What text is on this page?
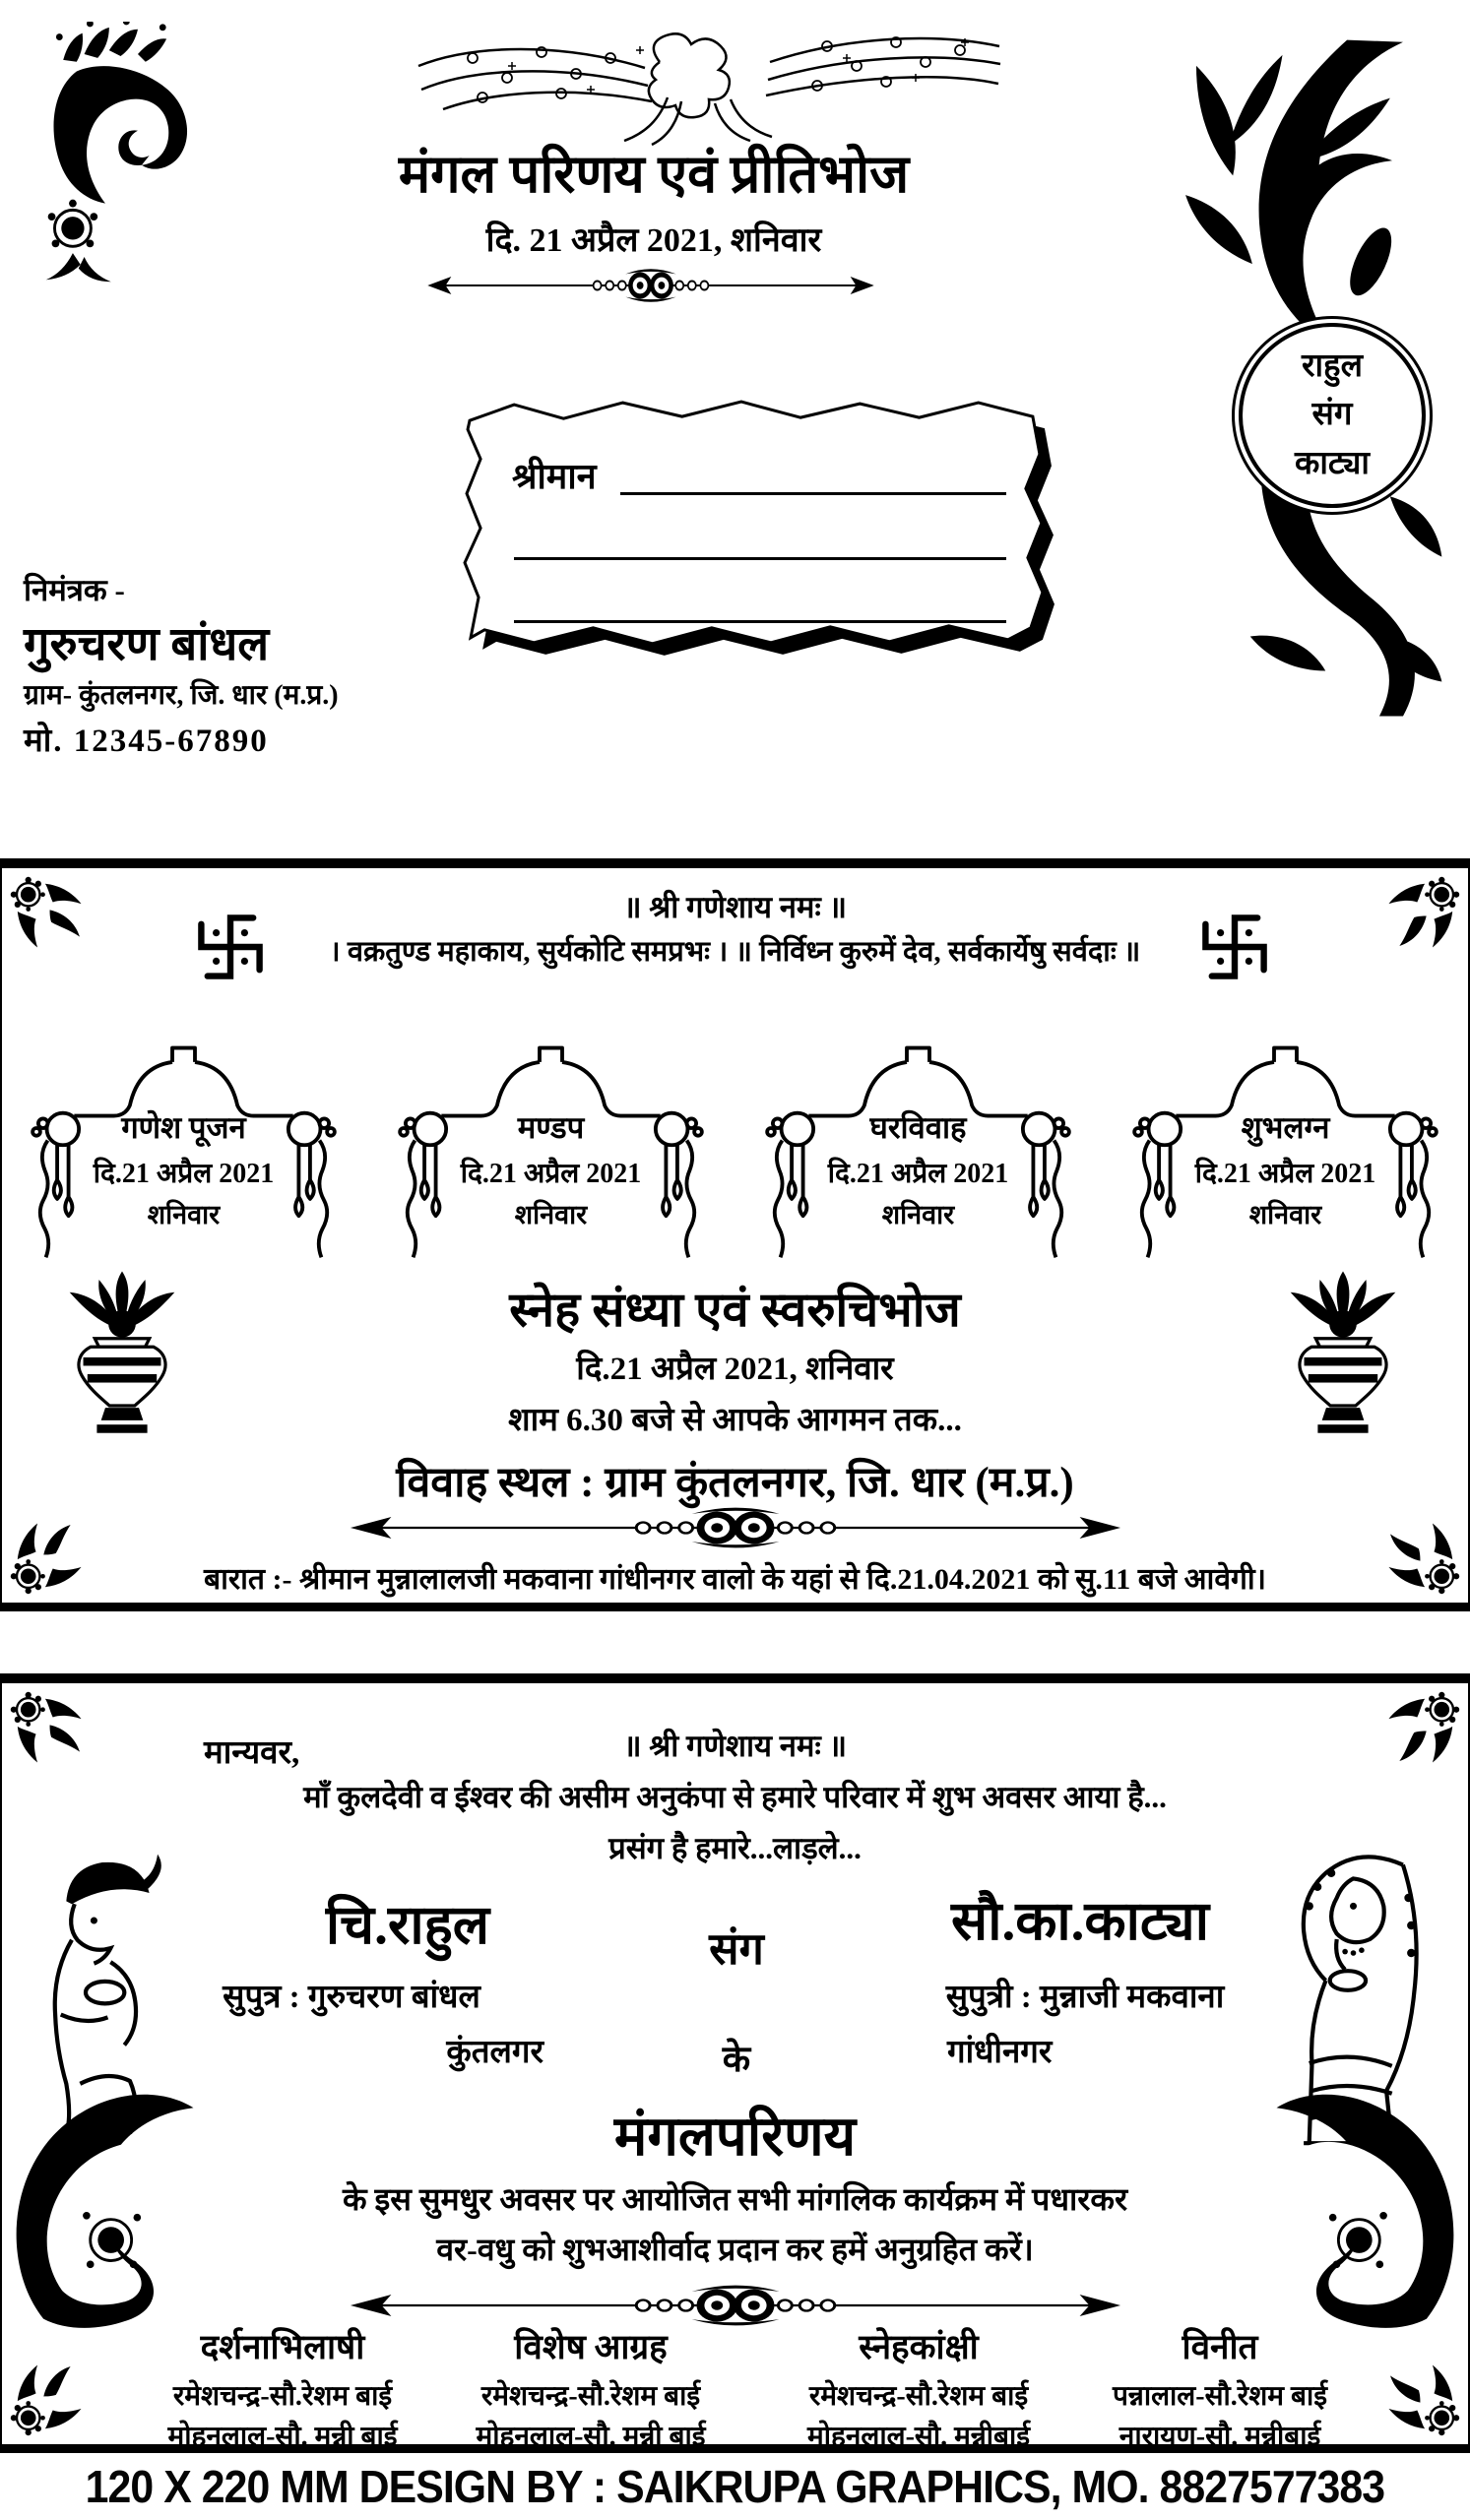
मंगल परिणय एवं प्रीतिभोज
दि. 21 अप्रैल 2021, शनिवार
राहुल
संग
काट्या
श्रीमान
निमंत्रक -
गुरुचरण बांधल
ग्राम- कुंतलनगर, जि. धार (म.प्र.)
मो. 12345-67890
॥ श्री गणेशाय नमः ॥
। वक्रतुण्ड महाकाय, सुर्यकोटि समप्रभः । ॥ निर्विध्न कुरुमें देव, सर्वकार्येषु सर्वदाः ॥
गणेश पूजन
दि.21 अप्रैल 2021
शनिवार
मण्डप
दि.21 अप्रैल 2021
शनिवार
घरविवाह
दि.21 अप्रैल 2021
शनिवार
शुभलग्न
दि.21 अप्रैल 2021
शनिवार
स्नेह संध्या एवं स्वरुचिभोज
दि.21 अप्रैल 2021, शनिवार
शाम 6.30 बजे से आपके आगमन तक...
विवाह स्थल : ग्राम कुंतलनगर, जि. धार (म.प्र.)
बारात :- श्रीमान मुन्नालालजी मकवाना गांधीनगर वालो के यहां से दि.21.04.2021 को सु.11 बजे आवेगी।
मान्यवर,	॥ श्री गणेशाय नमः ॥
माँ कुलदेवी व ईश्वर की असीम अनुकंपा से हमारे परिवार में शुभ अवसर आया है...
प्रसंग है हमारे...लाड़ले...
चि.राहुल
सुपुत्र : गुरुचरण बांधल
कुंतलगर
संग
के
सौ.का.काट्या
सुपुत्री : मुन्नाजी मकवाना
गांधीनगर
मंगलपरिणय
के इस सुमधुर अवसर पर आयोजित सभी मांगलिक कार्यक्रम में पधारकर
वर-वधु को शुभआशीर्वाद प्रदान कर हमें अनुग्रहित करें।
दर्शनाभिलाषी
रमेशचन्द्र-सौ.रेशम बाई
मोहनलाल-सौ. मुन्नी बाई
विशेष आग्रह
रमेशचन्द्र-सौ.रेशम बाई
मोहनलाल-सौ. मुन्नी बाई
स्नेहकांक्षी
रमेशचन्द्र-सौ.रेशम बाई
मोहनलाल-सौ. मुन्नीबाई
विनीत
पन्नालाल-सौ.रेशम बाई
नारायण-सौ. मुन्नीबाई
120 X 220 MM DESIGN BY : SAIKRUPA GRAPHICS, MO. 8827577383
